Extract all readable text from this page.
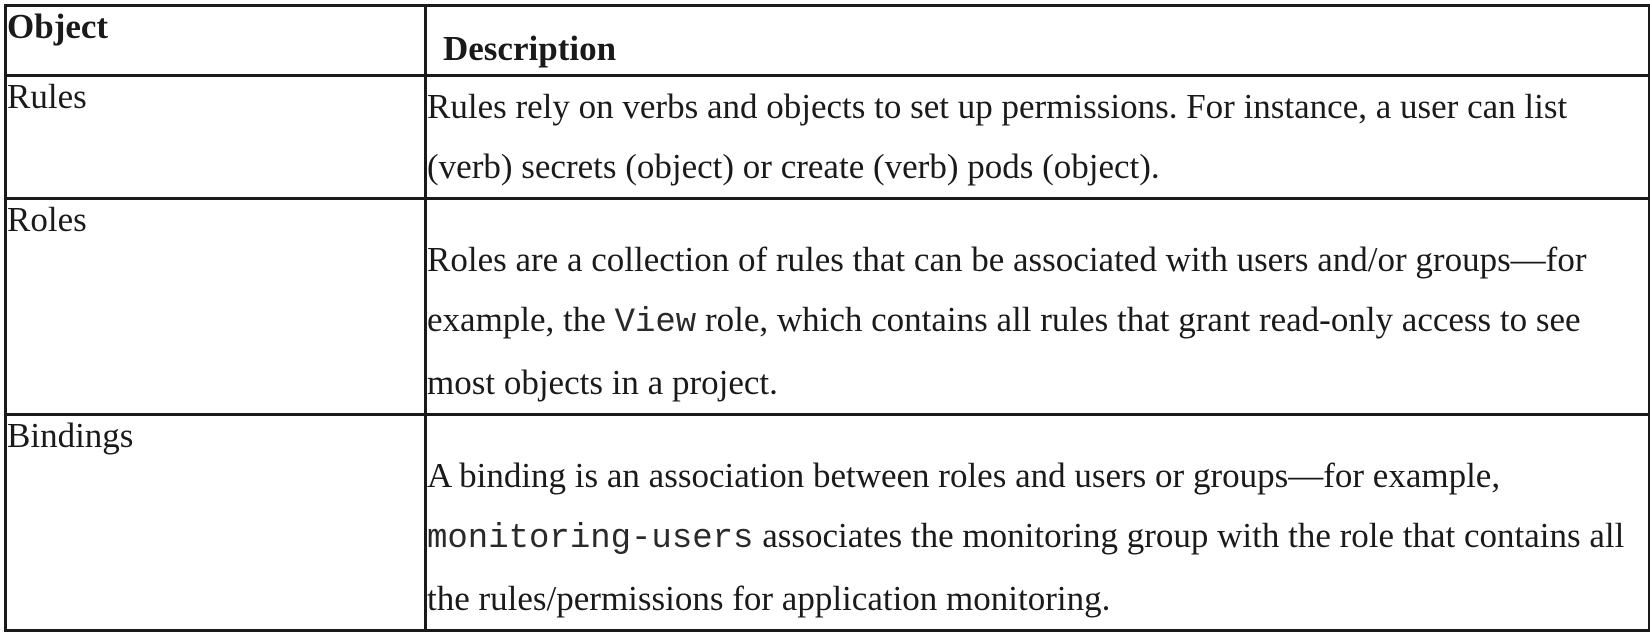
Object	Description
Rules	Rules rely on verbs and objects to set up permissions. For instance, a user can list (verb) secrets (object) or create (verb) pods (object).
Roles	Roles are a collection of rules that can be associated with users and/or groups—for example, the View role, which contains all rules that grant read-only access to see most objects in a project.
Bindings	A binding is an association between roles and users or groups—for example, monitoring-users associates the monitoring group with the role that contains all the rules/permissions for application monitoring.
